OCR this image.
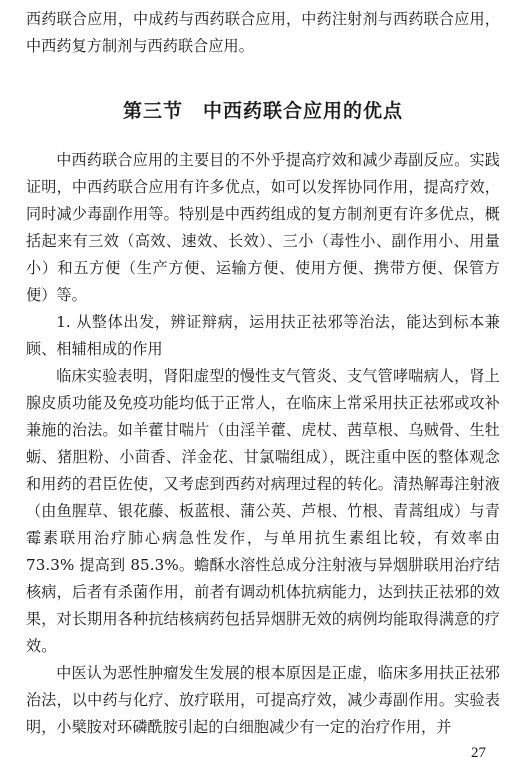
西药联合应用，中成药与西药联合应用，中药注射剂与西药联合应用，中西药复方制剂与西药联合应用。

第三节　中西药联合应用的优点

中西药联合应用的主要目的不外乎提高疗效和减少毒副反应。实践证明，中西药联合应用有许多优点，如可以发挥协同作用，提高疗效，同时减少毒副作用等。特别是中西药组成的复方制剂更有许多优点，概括起来有三效（高效、速效、长效）、三小（毒性小、副作用小、用量小）和五方便（生产方便、运输方便、使用方便、携带方便、保管方便）等。

1. 从整体出发，辨证辩病，运用扶正祛邪等治法，能达到标本兼顾、相辅相成的作用

临床实验表明，肾阳虚型的慢性支气管炎、支气管哮喘病人，肾上腺皮质功能及免疫功能均低于正常人，在临床上常采用扶正祛邪或攻补兼施的治法。如羊藿甘喘片（由淫羊藿、虎杖、茜草根、乌贼骨、生牡蛎、猪胆粉、小茴香、洋金花、甘氯喘组成），既注重中医的整体观念和用药的君臣佐使，又考虑到西药对病理过程的转化。清热解毒注射液（由鱼腥草、银花藤、板蓝根、蒲公英、芦根、竹根、青蒿组成）与青霉素联用治疗肺心病急性发作，与单用抗生素组比较，有效率由 73.3% 提高到 85.3%。蟾酥水溶性总成分注射液与异烟肼联用治疗结核病，后者有杀菌作用，前者有调动机体抗病能力，达到扶正祛邪的效果，对长期用各种抗结核病药包括异烟肼无效的病例均能取得满意的疗效。

中医认为恶性肿瘤发生发展的根本原因是正虚，临床多用扶正祛邪治法，以中药与化疗、放疗联用，可提高疗效，减少毒副作用。实验表明，小檗胺对环磷酰胺引起的白细胞减少有一定的治疗作用，并

27
